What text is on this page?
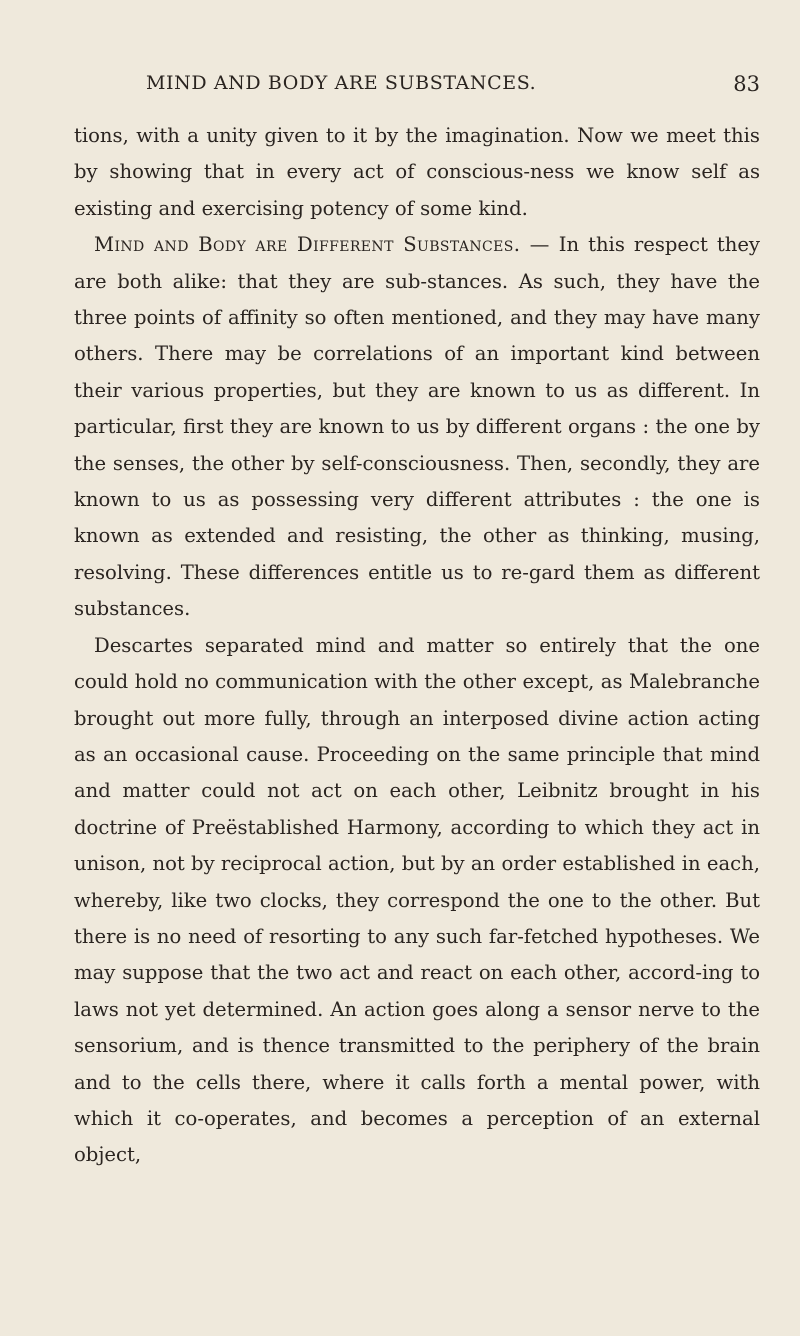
MIND AND BODY ARE SUBSTANCES.	83

tions, with a unity given to it by the imagination. Now we meet this by showing that in every act of conscious-ness we know self as existing and exercising potency of some kind.

Mind and Body are Different Substances. — In this respect they are both alike: that they are sub-stances. As such, they have the three points of affinity so often mentioned, and they may have many others. There may be correlations of an important kind between their various properties, but they are known to us as different. In particular, first they are known to us by different organs : the one by the senses, the other by self-consciousness. Then, secondly, they are known to us as possessing very different attributes : the one is known as extended and resisting, the other as thinking, musing, resolving. These differences entitle us to re-gard them as different substances.

Descartes separated mind and matter so entirely that the one could hold no communication with the other except, as Malebranche brought out more fully, through an interposed divine action acting as an occasional cause. Proceeding on the same principle that mind and matter could not act on each other, Leibnitz brought in his doctrine of Preëstablished Harmony, according to which they act in unison, not by reciprocal action, but by an order established in each, whereby, like two clocks, they correspond the one to the other. But there is no need of resorting to any such far-fetched hypotheses. We may suppose that the two act and react on each other, accord-ing to laws not yet determined. An action goes along a sensor nerve to the sensorium, and is thence transmitted to the periphery of the brain and to the cells there, where it calls forth a mental power, with which it co-operates, and becomes a perception of an external object,
